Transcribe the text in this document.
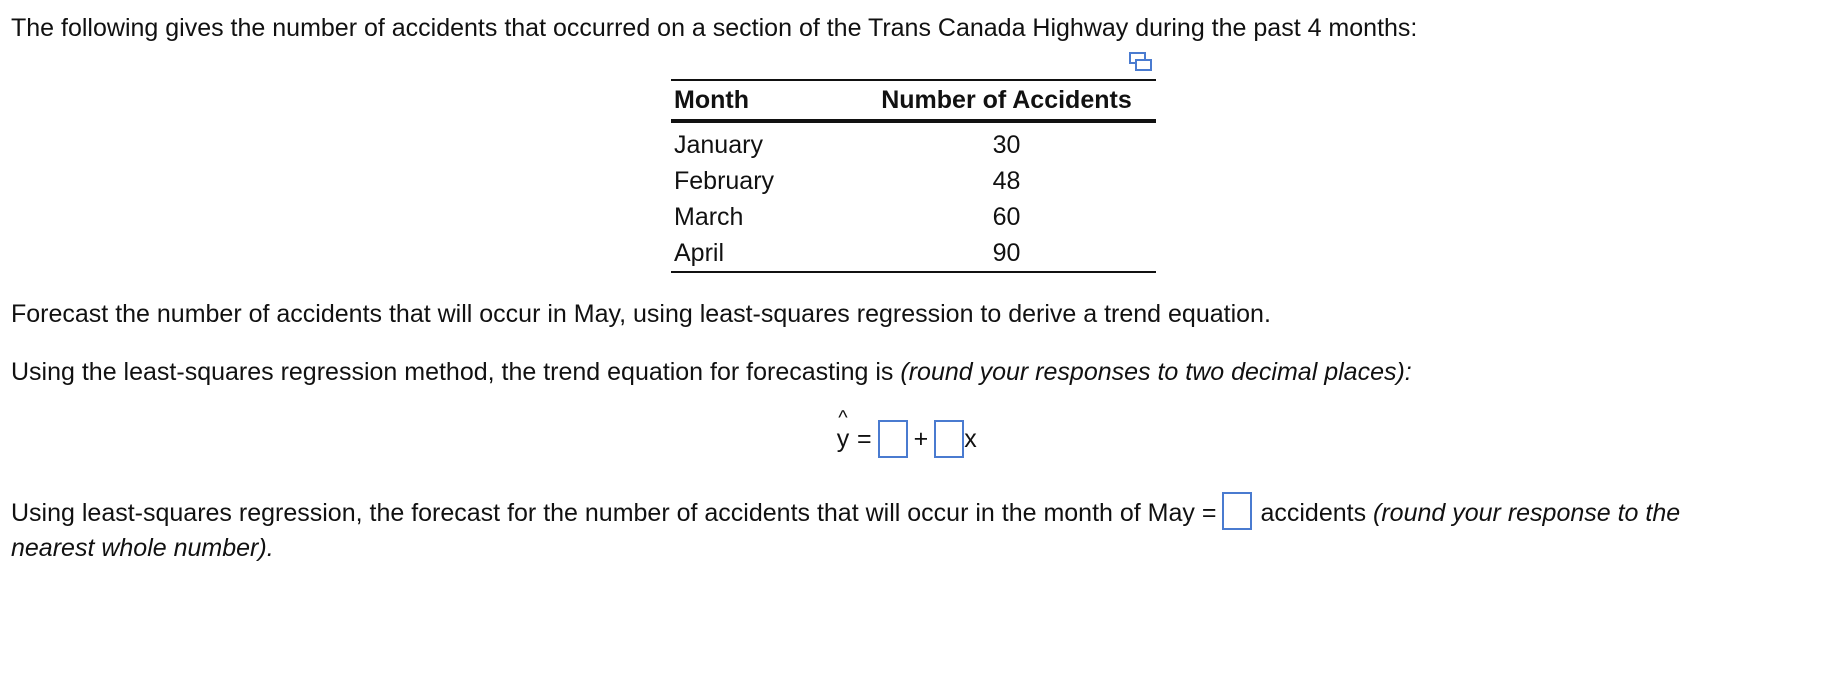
The following gives the number of accidents that occurred on a section of the Trans Canada Highway during the past 4 months:
Month	Number of Accidents
January	30
February	48
March	60
April	90
Forecast the number of accidents that will occur in May, using least-squares regression to derive a trend equation.
Using the least-squares regression method, the trend equation for forecasting is (round your responses to two decimal places):
^
y = + x
Using least-squares regression, the forecast for the number of accidents that will occur in the month of May = accidents (round your response to the
nearest whole number).
